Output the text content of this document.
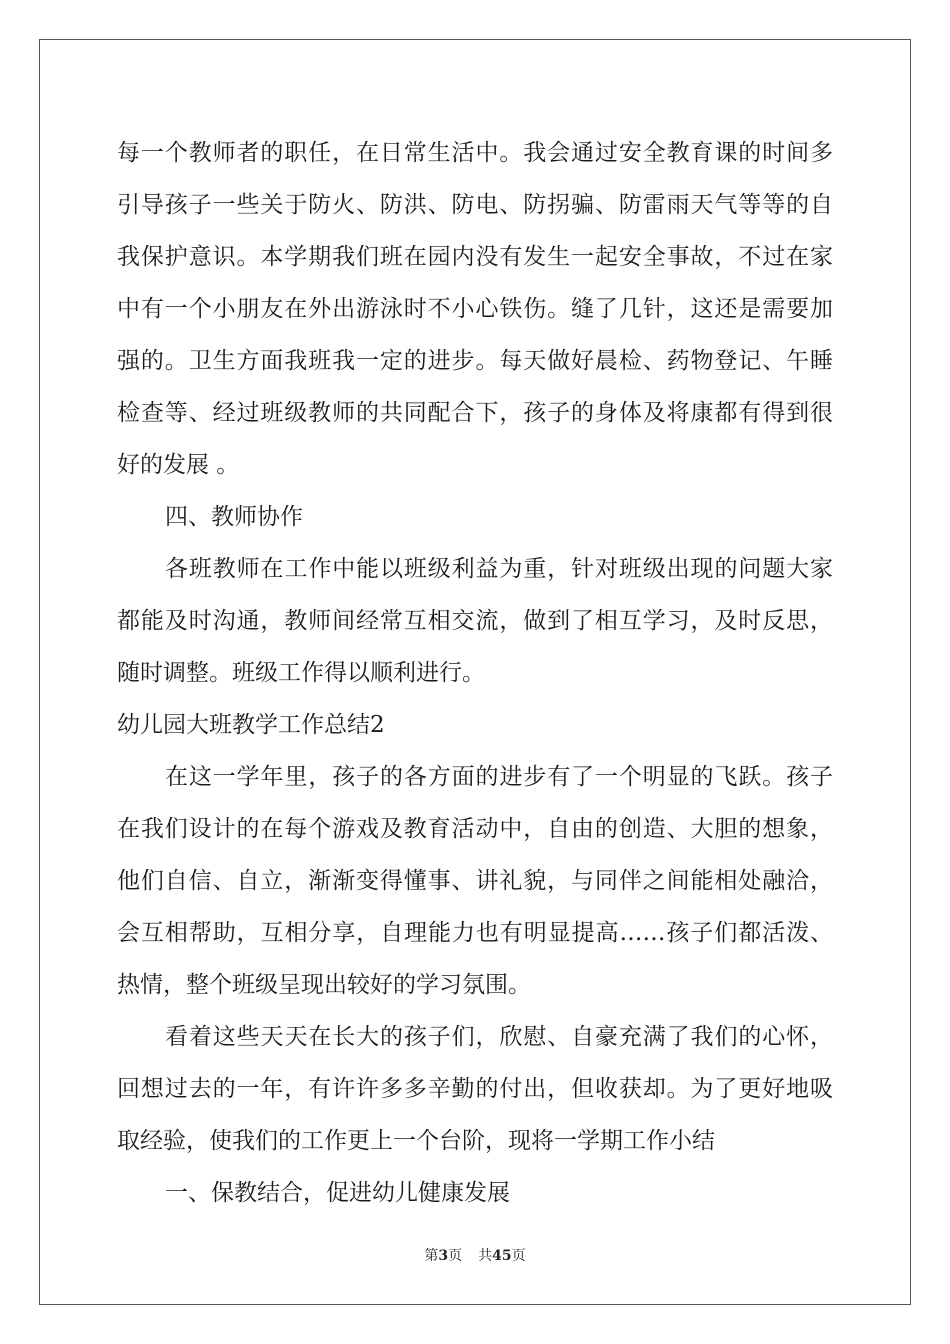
每一个教师者的职任，在日常生活中。我会通过安全教育课的时间多
引导孩子一些关于防火、防洪、防电、防拐骗、防雷雨天气等等的自
我保护意识。本学期我们班在园内没有发生一起安全事故，不过在家
中有一个小朋友在外出游泳时不小心铁伤。缝了几针，这还是需要加
强的。卫生方面我班我一定的进步。每天做好晨检、药物登记、午睡
检查等、经过班级教师的共同配合下，孩子的身体及将康都有得到很
好的发展 。
四、教师协作
各班教师在工作中能以班级利益为重，针对班级出现的问题大家
都能及时沟通，教师间经常互相交流，做到了相互学习，及时反思，
随时调整。班级工作得以顺利进行。
幼儿园大班教学工作总结2
在这一学年里，孩子的各方面的进步有了一个明显的飞跃。孩子
在我们设计的在每个游戏及教育活动中，自由的创造、大胆的想象，
他们自信、自立，渐渐变得懂事、讲礼貌，与同伴之间能相处融洽，
会互相帮助，互相分享，自理能力也有明显提高……孩子们都活泼、
热情，整个班级呈现出较好的学习氛围。
看着这些天天在长大的孩子们，欣慰、自豪充满了我们的心怀，
回想过去的一年，有许许多多辛勤的付出，但收获却。为了更好地吸
取经验，使我们的工作更上一个台阶，现将一学期工作小结
一、保教结合，促进幼儿健康发展
第3页 共45页
